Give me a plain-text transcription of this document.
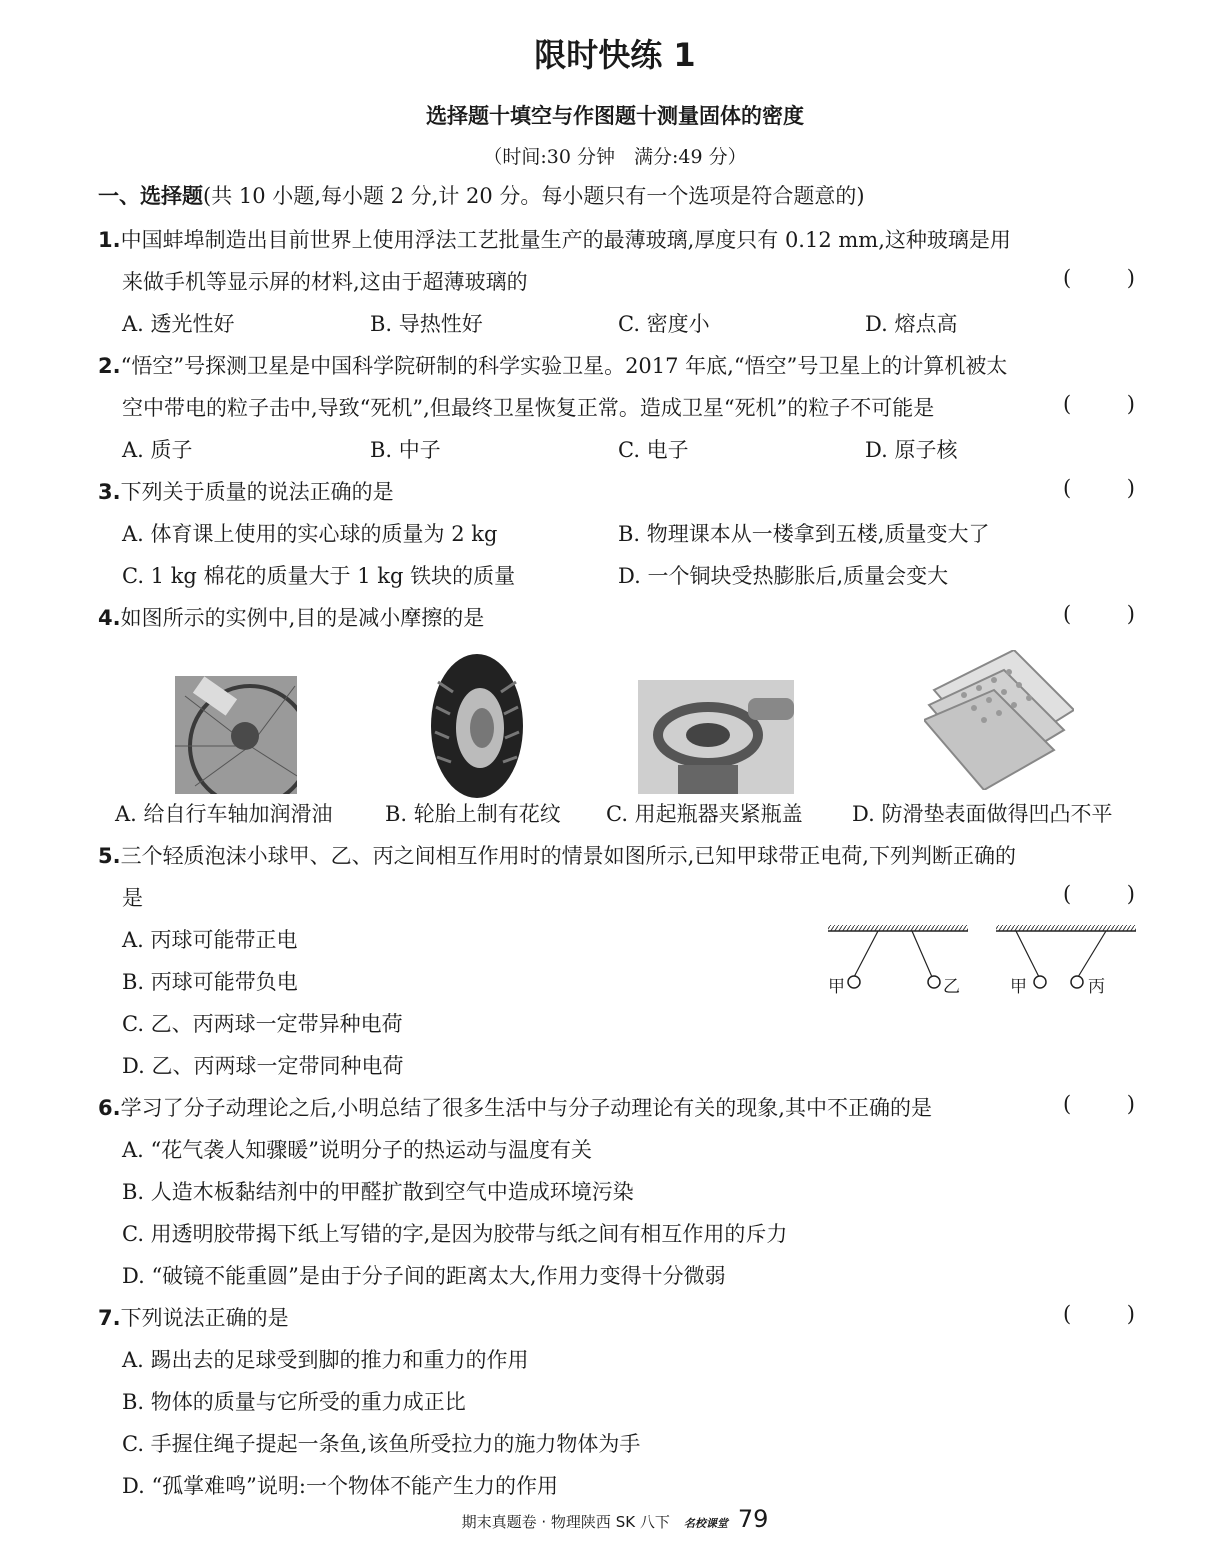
限时快练 1
选择题十填空与作图题十测量固体的密度
（时间:30 分钟　满分:49 分）
一、选择题(共 10 小题,每小题 2 分,计 20 分。每小题只有一个选项是符合题意的)
1.中国蚌埠制造出目前世界上使用浮法工艺批量生产的最薄玻璃,厚度只有 0.12 mm,这种玻璃是用
来做手机等显示屏的材料,这由于超薄玻璃的	(	)
A. 透光性好	B. 导热性好	C. 密度小	D. 熔点高
2.“悟空”号探测卫星是中国科学院研制的科学实验卫星。2017 年底,“悟空”号卫星上的计算机被太
空中带电的粒子击中,导致“死机”,但最终卫星恢复正常。造成卫星“死机”的粒子不可能是	(	)
A. 质子	B. 中子	C. 电子	D. 原子核
3.下列关于质量的说法正确的是	(	)
A. 体育课上使用的实心球的质量为 2 kg	B. 物理课本从一楼拿到五楼,质量变大了
C. 1 kg 棉花的质量大于 1 kg 铁块的质量	D. 一个铜块受热膨胀后,质量会变大
4.如图所示的实例中,目的是减小摩擦的是	(	)
A. 给自行车轴加润滑油 B. 轮胎上制有花纹 C. 用起瓶器夹紧瓶盖 D. 防滑垫表面做得凹凸不平
5.三个轻质泡沫小球甲、乙、丙之间相互作用时的情景如图所示,已知甲球带正电荷,下列判断正确的
是	(	)
A. 丙球可能带正电
B. 丙球可能带负电
C. 乙、丙两球一定带异种电荷
D. 乙、丙两球一定带同种电荷
甲	乙	甲	丙
6.学习了分子动理论之后,小明总结了很多生活中与分子动理论有关的现象,其中不正确的是	(	)
A. “花气袭人知骤暖”说明分子的热运动与温度有关
B. 人造木板黏结剂中的甲醛扩散到空气中造成环境污染
C. 用透明胶带揭下纸上写错的字,是因为胶带与纸之间有相互作用的斥力
D. “破镜不能重圆”是由于分子间的距离太大,作用力变得十分微弱
7.下列说法正确的是	(	)
A. 踢出去的足球受到脚的推力和重力的作用
B. 物体的质量与它所受的重力成正比
C. 手握住绳子提起一条鱼,该鱼所受拉力的施力物体为手
D. “孤掌难鸣”说明:一个物体不能产生力的作用
期末真题卷 · 物理陕西 SK 八下 名校课堂 79
